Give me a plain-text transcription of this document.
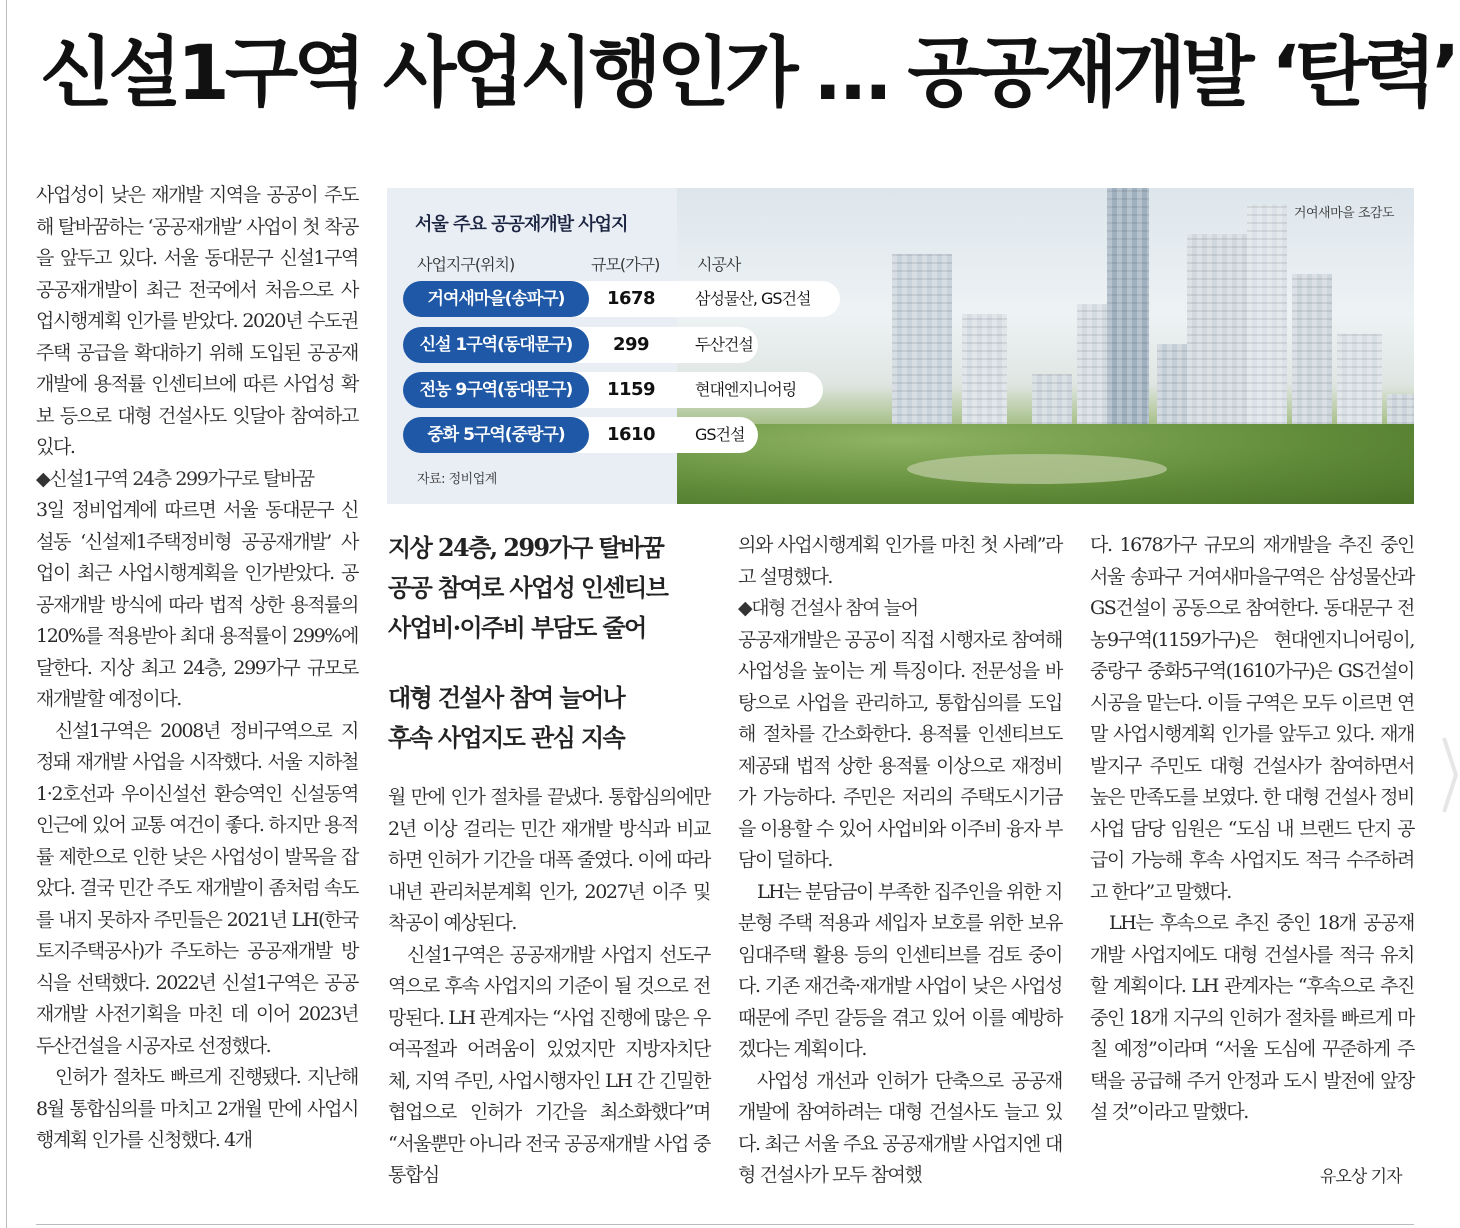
신설1구역 사업시행인가 … 공공재개발 ‘탄력’

사업성이 낮은 재개발 지역을 공공이 주도해 탈바꿈하는 ‘공공재개발’ 사업이 첫 착공을 앞두고 있다. 서울 동대문구 신설1구역 공공재개발이 최근 전국에서 처음으로 사업시행계획 인가를 받았다. 2020년 수도권 주택 공급을 확대하기 위해 도입된 공공재개발에 용적률 인센티브에 따른 사업성 확보 등으로 대형 건설사도 잇달아 참여하고 있다.

◆신설1구역 24층 299가구로 탈바꿈

3일 정비업계에 따르면 서울 동대문구 신설동 ‘신설제1주택정비형 공공재개발’ 사업이 최근 사업시행계획을 인가받았다. 공공재개발 방식에 따라 법적 상한 용적률의 120%를 적용받아 최대 용적률이 299%에 달한다. 지상 최고 24층, 299가구 규모로 재개발할 예정이다.

신설1구역은 2008년 정비구역으로 지정돼 재개발 사업을 시작했다. 서울 지하철 1·2호선과 우이신설선 환승역인 신설동역 인근에 있어 교통 여건이 좋다. 하지만 용적률 제한으로 인한 낮은 사업성이 발목을 잡았다. 결국 민간 주도 재개발이 좀처럼 속도를 내지 못하자 주민들은 2021년 LH(한국토지주택공사)가 주도하는 공공재개발 방식을 선택했다. 2022년 신설1구역은 공공재개발 사전기획을 마친 데 이어 2023년 두산건설을 시공자로 선정했다.

인허가 절차도 빠르게 진행됐다. 지난해 8월 통합심의를 마치고 2개월 만에 사업시행계획 인가를 신청했다. 4개

거여새마을 조감도
서울 주요 공공재개발 사업지
사업지구(위치)	규모(가구) 시공사
거여새마을(송파구)	1678	삼성물산, GS건설
신설 1구역(동대문구)	299	두산건설
전농 9구역(동대문구)	1159	현대엔지니어링
중화 5구역(중랑구)	1610	GS건설
자료: 정비업계
지상 24층, 299가구 탈바꿈
공공 참여로 사업성 인센티브
사업비·이주비 부담도 줄어
대형 건설사 참여 늘어나
후속 사업지도 관심 지속

월 만에 인가 절차를 끝냈다. 통합심의에만 2년 이상 걸리는 민간 재개발 방식과 비교하면 인허가 기간을 대폭 줄였다. 이에 따라 내년 관리처분계획 인가, 2027년 이주 및 착공이 예상된다.

신설1구역은 공공재개발 사업지 선도구역으로 후속 사업지의 기준이 될 것으로 전망된다. LH 관계자는 “사업 진행에 많은 우여곡절과 어려움이 있었지만 지방자치단체, 지역 주민, 사업시행자인 LH 간 긴밀한 협업으로 인허가 기간을 최소화했다”며 “서울뿐만 아니라 전국 공공재개발 사업 중 통합심

의와 사업시행계획 인가를 마친 첫 사례”라고 설명했다.

◆대형 건설사 참여 늘어

공공재개발은 공공이 직접 시행자로 참여해 사업성을 높이는 게 특징이다. 전문성을 바탕으로 사업을 관리하고, 통합심의를 도입해 절차를 간소화한다. 용적률 인센티브도 제공돼 법적 상한 용적률 이상으로 재정비가 가능하다. 주민은 저리의 주택도시기금을 이용할 수 있어 사업비와 이주비 융자 부담이 덜하다.

LH는 분담금이 부족한 집주인을 위한 지분형 주택 적용과 세입자 보호를 위한 보유 임대주택 활용 등의 인센티브를 검토 중이다. 기존 재건축·재개발 사업이 낮은 사업성 때문에 주민 갈등을 겪고 있어 이를 예방하겠다는 계획이다.

사업성 개선과 인허가 단축으로 공공재개발에 참여하려는 대형 건설사도 늘고 있다. 최근 서울 주요 공공재개발 사업지엔 대형 건설사가 모두 참여했

다. 1678가구 규모의 재개발을 추진 중인 서울 송파구 거여새마을구역은 삼성물산과 GS건설이 공동으로 참여한다. 동대문구 전농9구역(1159가구)은 현대엔지니어링이, 중랑구 중화5구역(1610가구)은 GS건설이 시공을 맡는다. 이들 구역은 모두 이르면 연말 사업시행계획 인가를 앞두고 있다. 재개발지구 주민도 대형 건설사가 참여하면서 높은 만족도를 보였다. 한 대형 건설사 정비사업 담당 임원은 “도심 내 브랜드 단지 공급이 가능해 후속 사업지도 적극 수주하려고 한다”고 말했다.

LH는 후속으로 추진 중인 18개 공공재개발 사업지에도 대형 건설사를 적극 유치할 계획이다. LH 관계자는 “후속으로 추진 중인 18개 지구의 인허가 절차를 빠르게 마칠 예정”이라며 “서울 도심에 꾸준하게 주택을 공급해 주거 안정과 도시 발전에 앞장설 것”이라고 말했다.

유오상 기자
